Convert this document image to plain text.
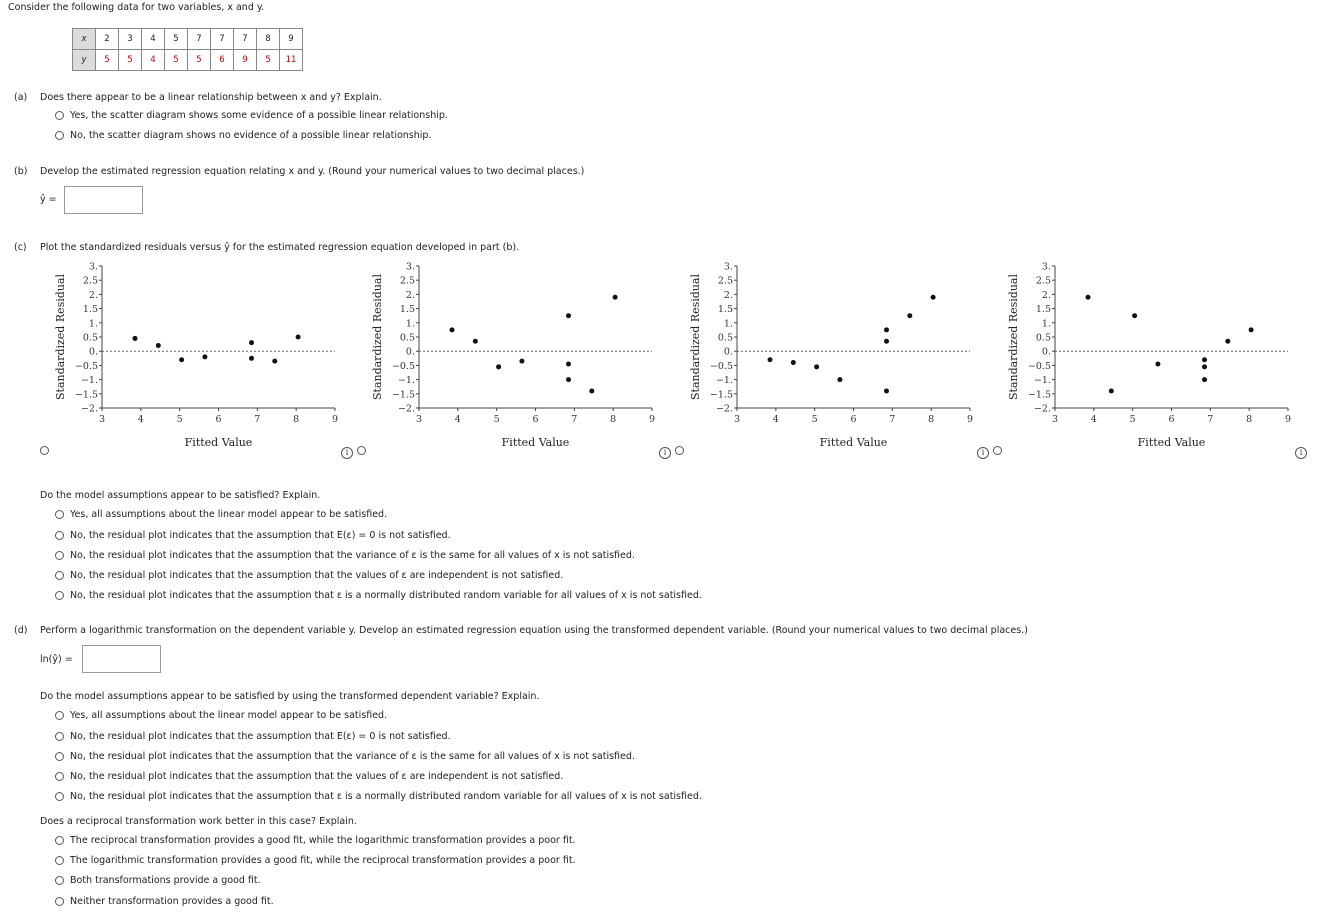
Consider the following data for two variables, x and y.
x	2	3	4	5	7	7	7	8	9
y	5	5	4	5	5	6	9	5	11
(a) Does there appear to be a linear relationship between x and y? Explain.
Yes, the scatter diagram shows some evidence of a possible linear relationship.
No, the scatter diagram shows no evidence of a possible linear relationship.
(b) Develop the estimated regression equation relating x and y. (Round your numerical values to two decimal places.)
ŷ =
(c) Plot the standardized residuals versus ŷ for the estimated regression equation developed in part (b).
3.
2.5
2.
1.5
1.
0.5
0.
−0.5
−1.
−1.5
−2.
3	4	5	6	7	8	9
Fitted Value
Standardized Residual
3.
2.5
2.
1.5
1.
0.5
0.
−0.5
−1.
−1.5
−2.
3	4	5	6	7	8	9
Fitted Value
Standardized Residual
3.
2.5
2.
1.5
1.
0.5
0.
−0.5
−1.
−1.5
−2.
3	4	5	6	7	8	9
Fitted Value
Standardized Residual
3.
2.5
2.
1.5
1.
0.5
0.
−0.5
−1.
−1.5
−2.
3	4	5	6	7	8	9
Fitted Value
Standardized Residual
i	i	i	i
Do the model assumptions appear to be satisfied? Explain.
Yes, all assumptions about the linear model appear to be satisfied.
No, the residual plot indicates that the assumption that E(ε) = 0 is not satisfied.
No, the residual plot indicates that the assumption that the variance of ε is the same for all values of x is not satisfied.
No, the residual plot indicates that the assumption that the values of ε are independent is not satisfied.
No, the residual plot indicates that the assumption that ε is a normally distributed random variable for all values of x is not satisfied.
(d) Perform a logarithmic transformation on the dependent variable y. Develop an estimated regression equation using the transformed dependent variable. (Round your numerical values to two decimal places.)
ln(ŷ) =
Do the model assumptions appear to be satisfied by using the transformed dependent variable? Explain.
Yes, all assumptions about the linear model appear to be satisfied.
No, the residual plot indicates that the assumption that E(ε) = 0 is not satisfied.
No, the residual plot indicates that the assumption that the variance of ε is the same for all values of x is not satisfied.
No, the residual plot indicates that the assumption that the values of ε are independent is not satisfied.
No, the residual plot indicates that the assumption that ε is a normally distributed random variable for all values of x is not satisfied.
Does a reciprocal transformation work better in this case? Explain.
The reciprocal transformation provides a good fit, while the logarithmic transformation provides a poor fit.
The logarithmic transformation provides a good fit, while the reciprocal transformation provides a poor fit.
Both transformations provide a good fit.
Neither transformation provides a good fit.
